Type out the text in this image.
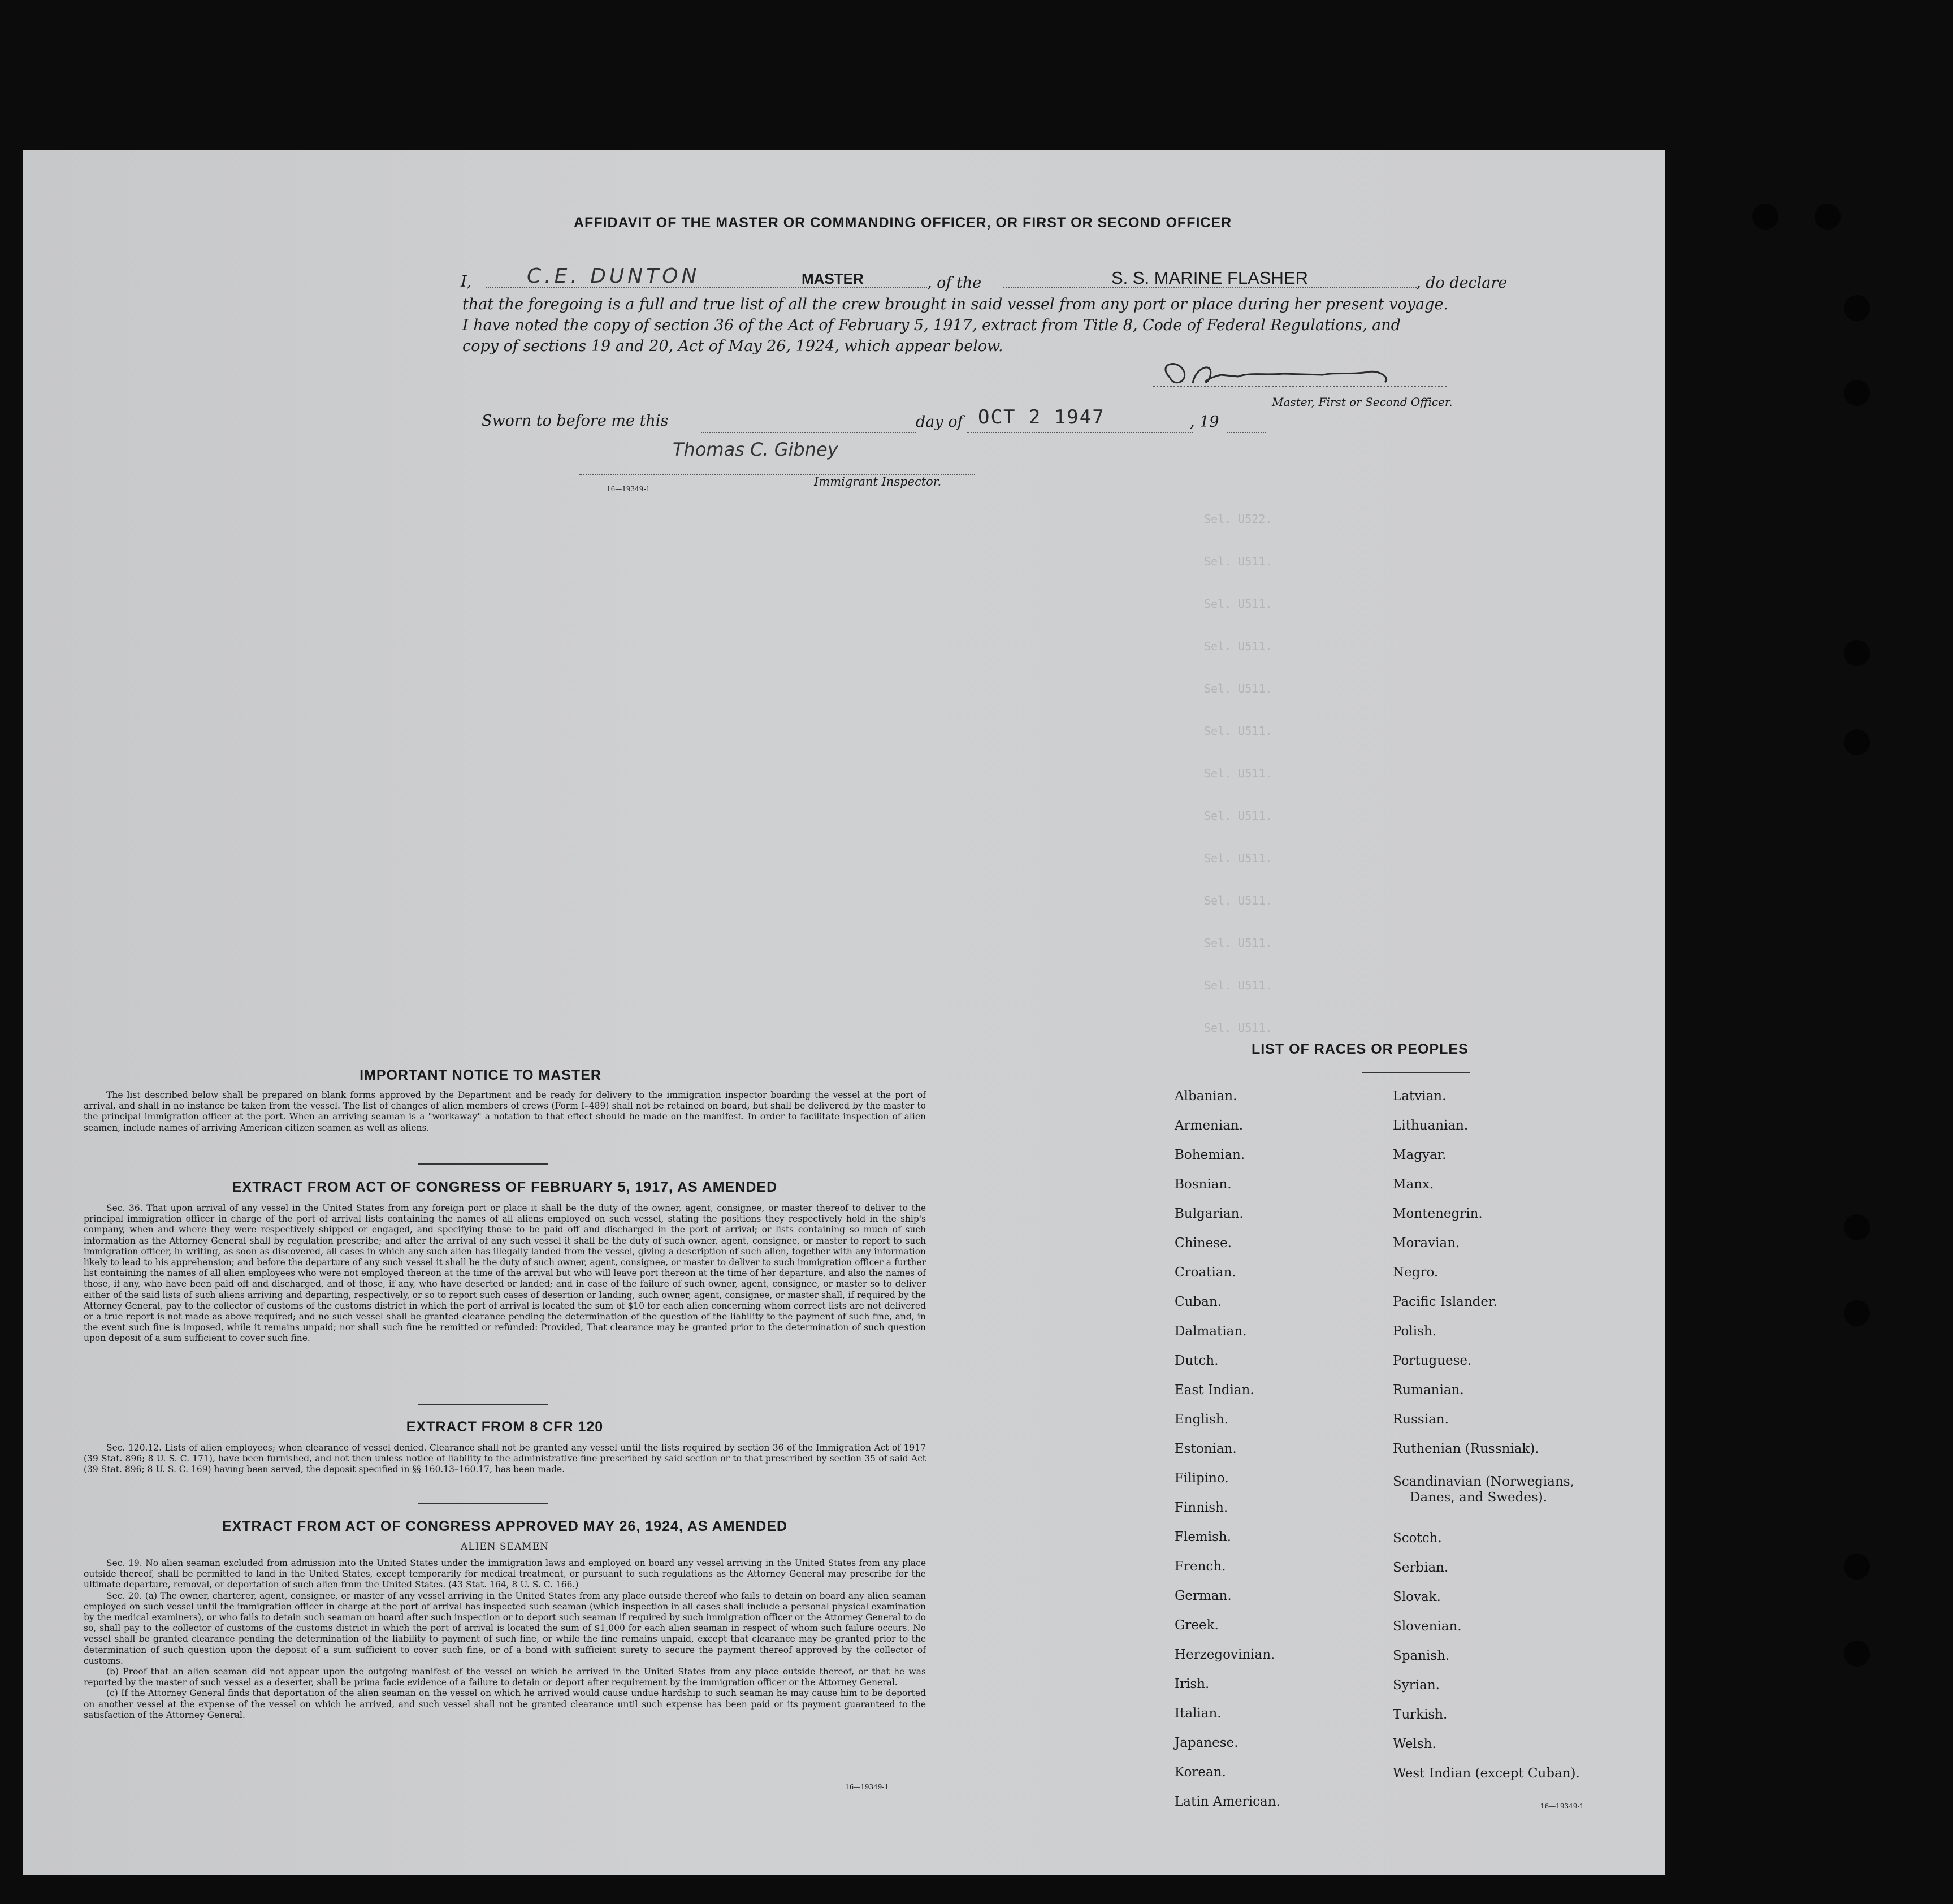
AFFIDAVIT OF THE MASTER OR COMMANDING OFFICER, OR FIRST OR SECOND OFFICER
I,	C.E. DUNTON	MASTER	, of the	S. S. MARINE FLASHER	, do declare
that the foregoing is a full and true list of all the crew brought in said vessel from any port or place during her present voyage.
I have noted the copy of section 36 of the Act of February 5, 1917, extract from Title 8, Code of Federal Regulations, and
copy of sections 19 and 20, Act of May 26, 1924, which appear below.
Master, First or Second Officer.
Sworn to before me this	day of OCT 2 1947	, 19
Thomas C. Gibney
16—19349-1
Immigrant Inspector.
Sel. U522.
Sel. U511.
Sel. U511.
Sel. U511.
Sel. U511.
Sel. U511.
Sel. U511.
Sel. U511.
Sel. U511.
Sel. U511.
Sel. U511.
Sel. U511.
Sel. U511.
IMPORTANT NOTICE TO MASTER

The list described below shall be prepared on blank forms approved by the Department and be ready for delivery to the immigration inspector boarding the vessel at the port of arrival, and shall in no instance be taken from the vessel. The list of changes of alien members of crews (Form I–489) shall not be retained on board, but shall be delivered by the master to the principal immigration officer at the port. When an arriving seaman is a "workaway" a notation to that effect should be made on the manifest. In order to facilitate inspection of alien seamen, include names of arriving American citizen seamen as well as aliens.

EXTRACT FROM ACT OF CONGRESS OF FEBRUARY 5, 1917, AS AMENDED

Sec. 36. That upon arrival of any vessel in the United States from any foreign port or place it shall be the duty of the owner, agent, consignee, or master thereof to deliver to the principal immigration officer in charge of the port of arrival lists containing the names of all aliens employed on such vessel, stating the positions they respectively hold in the ship's company, when and where they were respectively shipped or engaged, and specifying those to be paid off and discharged in the port of arrival; or lists containing so much of such information as the Attorney General shall by regulation prescribe; and after the arrival of any such vessel it shall be the duty of such owner, agent, consignee, or master to report to such immigration officer, in writing, as soon as discovered, all cases in which any such alien has illegally landed from the vessel, giving a description of such alien, together with any information likely to lead to his apprehension; and before the departure of any such vessel it shall be the duty of such owner, agent, consignee, or master to deliver to such immigration officer a further list containing the names of all alien employees who were not employed thereon at the time of the arrival but who will leave port thereon at the time of her departure, and also the names of those, if any, who have been paid off and discharged, and of those, if any, who have deserted or landed; and in case of the failure of such owner, agent, consignee, or master so to deliver either of the said lists of such aliens arriving and departing, respectively, or so to report such cases of desertion or landing, such owner, agent, consignee, or master shall, if required by the Attorney General, pay to the collector of customs of the customs district in which the port of arrival is located the sum of $10 for each alien concerning whom correct lists are not delivered or a true report is not made as above required; and no such vessel shall be granted clearance pending the determination of the question of the liability to the payment of such fine, and, in the event such fine is imposed, while it remains unpaid; nor shall such fine be remitted or refunded: Provided, That clearance may be granted prior to the determination of such question upon deposit of a sum sufficient to cover such fine.

EXTRACT FROM 8 CFR 120

Sec. 120.12. Lists of alien employees; when clearance of vessel denied. Clearance shall not be granted any vessel until the lists required by section 36 of the Immigration Act of 1917 (39 Stat. 896; 8 U. S. C. 171), have been furnished, and not then unless notice of liability to the administrative fine prescribed by said section or to that prescribed by section 35 of said Act (39 Stat. 896; 8 U. S. C. 169) having been served, the deposit specified in §§ 160.13–160.17, has been made.

EXTRACT FROM ACT OF CONGRESS APPROVED MAY 26, 1924, AS AMENDED
ALIEN SEAMEN

Sec. 19. No alien seaman excluded from admission into the United States under the immigration laws and employed on board any vessel arriving in the United States from any place outside thereof, shall be permitted to land in the United States, except temporarily for medical treatment, or pursuant to such regulations as the Attorney General may prescribe for the ultimate departure, removal, or deportation of such alien from the United States. (43 Stat. 164, 8 U. S. C. 166.)

Sec. 20. (a) The owner, charterer, agent, consignee, or master of any vessel arriving in the United States from any place outside thereof who fails to detain on board any alien seaman employed on such vessel until the immigration officer in charge at the port of arrival has inspected such seaman (which inspection in all cases shall include a personal physical examination by the medical examiners), or who fails to detain such seaman on board after such inspection or to deport such seaman if required by such immigration officer or the Attorney General to do so, shall pay to the collector of customs of the customs district in which the port of arrival is located the sum of $1,000 for each alien seaman in respect of whom such failure occurs. No vessel shall be granted clearance pending the determination of the liability to payment of such fine, or while the fine remains unpaid, except that clearance may be granted prior to the determination of such question upon the deposit of a sum sufficient to cover such fine, or of a bond with sufficient surety to secure the payment thereof approved by the collector of customs.

(b) Proof that an alien seaman did not appear upon the outgoing manifest of the vessel on which he arrived in the United States from any place outside thereof, or that he was reported by the master of such vessel as a deserter, shall be prima facie evidence of a failure to detain or deport after requirement by the immigration officer or the Attorney General.

(c) If the Attorney General finds that deportation of the alien seaman on the vessel on which he arrived would cause undue hardship to such seaman he may cause him to be deported on another vessel at the expense of the vessel on which he arrived, and such vessel shall not be granted clearance until such expense has been paid or its payment guaranteed to the satisfaction of the Attorney General.

16—19349-1
LIST OF RACES OR PEOPLES
Albanian.
Armenian.
Bohemian.
Bosnian.
Bulgarian.
Chinese.
Croatian.
Cuban.
Dalmatian.
Dutch.
East Indian.
English.
Estonian.
Filipino.
Finnish.
Flemish.
French.
German.
Greek.
Herzegovinian.
Irish.
Italian.
Japanese.
Korean.
Latin American.
Latvian.
Lithuanian.
Magyar.
Manx.
Montenegrin.
Moravian.
Negro.
Pacific Islander.
Polish.
Portuguese.
Rumanian.
Russian.
Ruthenian (Russniak).
Scandinavian (Norwegians,
Danes, and Swedes).
Scotch.
Serbian.
Slovak.
Slovenian.
Spanish.
Syrian.
Turkish.
Welsh.
West Indian (except Cuban).
16—19349-1
